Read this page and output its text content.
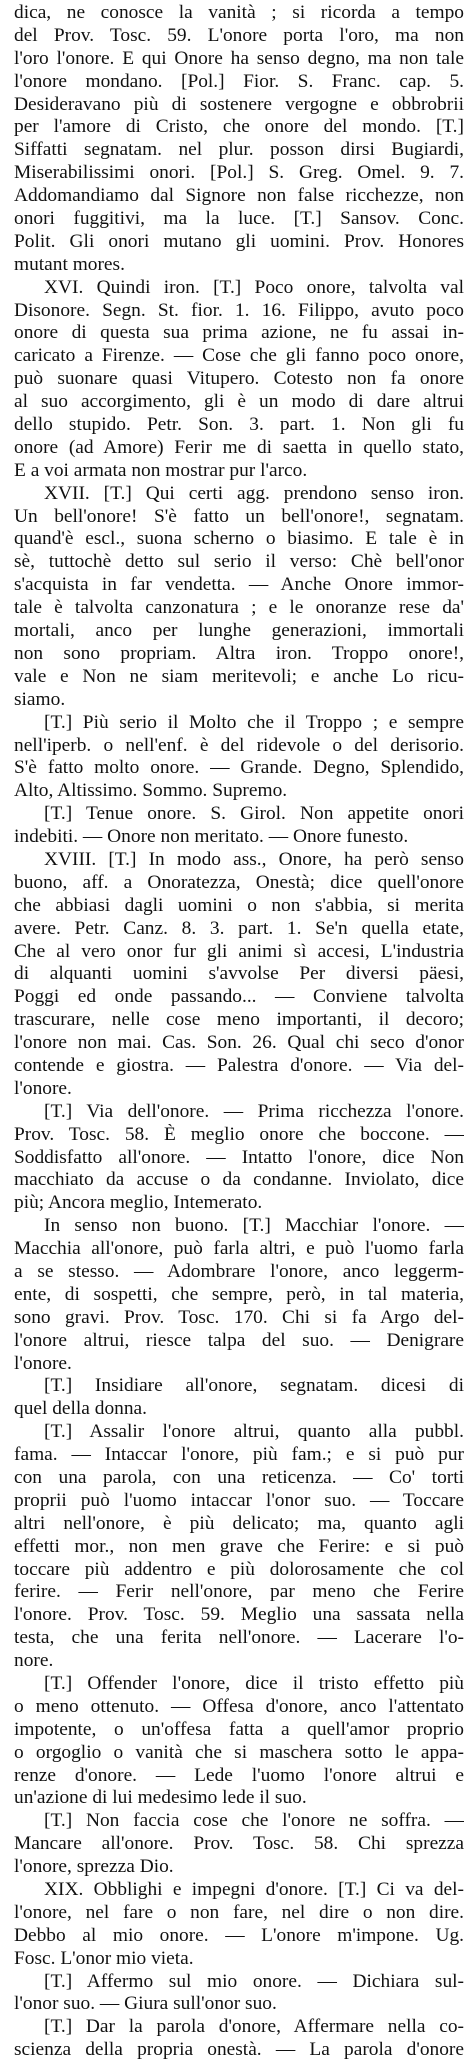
dica, ne conosce la vanità ; si ricorda a tempo
del Prov. Tosc. 59. L'onore porta l'oro, ma non
l'oro l'onore. E qui Onore ha senso degno, ma non tale
l'onore mondano. [Pol.] Fior. S. Franc. cap. 5.
Desideravano più di sostenere vergogne e obbrobrii
per l'amore di Cristo, che onore del mondo. [T.]
Siffatti segnatam. nel plur. posson dirsi Bugiardi,
Miserabilissimi onori. [Pol.] S. Greg. Omel. 9. 7.
Addomandiamo dal Signore non false ricchezze, non
onori fuggitivi, ma la luce. [T.] Sansov. Conc.
Polit. Gli onori mutano gli uomini. Prov. Honores
mutant mores.
XVI. Quindi iron. [T.] Poco onore, talvolta val
Disonore. Segn. St. fior. 1. 16. Filippo, avuto poco
onore di questa sua prima azione, ne fu assai in-
caricato a Firenze. — Cose che gli fanno poco onore,
può suonare quasi Vitupero. Cotesto non fa onore
al suo accorgimento, gli è un modo di dare altrui
dello stupido. Petr. Son. 3. part. 1. Non gli fu
onore (ad Amore) Ferir me di saetta in quello stato,
E a voi armata non mostrar pur l'arco.
XVII. [T.] Qui certi agg. prendono senso iron.
Un bell'onore! S'è fatto un bell'onore!, segnatam.
quand'è escl., suona scherno o biasimo. E tale è in
sè, tuttochè detto sul serio il verso: Chè bell'onor
s'acquista in far vendetta. — Anche Onore immor-
tale è talvolta canzonatura ; e le onoranze rese da'
mortali, anco per lunghe generazioni, immortali
non sono propriam. Altra iron. Troppo onore!,
vale e Non ne siam meritevoli; e anche Lo ricu-
siamo.
[T.] Più serio il Molto che il Troppo ; e sempre
nell'iperb. o nell'enf. è del ridevole o del derisorio.
S'è fatto molto onore. — Grande. Degno, Splendido,
Alto, Altissimo. Sommo. Supremo.
[T.] Tenue onore. S. Girol. Non appetite onori
indebiti. — Onore non meritato. — Onore funesto.
XVIII. [T.] In modo ass., Onore, ha però senso
buono, aff. a Onoratezza, Onestà; dice quell'onore
che abbiasi dagli uomini o non s'abbia, si merita
avere. Petr. Canz. 8. 3. part. 1. Se'n quella etate,
Che al vero onor fur gli animi sì accesi, L'industria
di alquanti uomini s'avvolse Per diversi päesi,
Poggi ed onde passando... — Conviene talvolta
trascurare, nelle cose meno importanti, il decoro;
l'onore non mai. Cas. Son. 26. Qual chi seco d'onor
contende e giostra. — Palestra d'onore. — Via del-
l'onore.
[T.] Via dell'onore. — Prima ricchezza l'onore.
Prov. Tosc. 58. È meglio onore che boccone. —
Soddisfatto all'onore. — Intatto l'onore, dice Non
macchiato da accuse o da condanne. Inviolato, dice
più; Ancora meglio, Intemerato.
In senso non buono. [T.] Macchiar l'onore. —
Macchia all'onore, può farla altri, e può l'uomo farla
a se stesso. — Adombrare l'onore, anco leggerm-
ente, di sospetti, che sempre, però, in tal materia,
sono gravi. Prov. Tosc. 170. Chi si fa Argo del-
l'onore altrui, riesce talpa del suo. — Denigrare
l'onore.
[T.] Insidiare all'onore, segnatam. dicesi di
quel della donna.
[T.] Assalir l'onore altrui, quanto alla pubbl.
fama. — Intaccar l'onore, più fam.; e si può pur
con una parola, con una reticenza. — Co' torti
proprii può l'uomo intaccar l'onor suo. — Toccare
altri nell'onore, è più delicato; ma, quanto agli
effetti mor., non men grave che Ferire: e si può
toccare più addentro e più dolorosamente che col
ferire. — Ferir nell'onore, par meno che Ferire
l'onore. Prov. Tosc. 59. Meglio una sassata nella
testa, che una ferita nell'onore. — Lacerare l'o-
nore.
[T.] Offender l'onore, dice il tristo effetto più
o meno ottenuto. — Offesa d'onore, anco l'attentato
impotente, o un'offesa fatta a quell'amor proprio
o orgoglio o vanità che si maschera sotto le appa-
renze d'onore. — Lede l'uomo l'onore altrui e
un'azione di lui medesimo lede il suo.
[T.] Non faccia cose che l'onore ne soffra. —
Mancare all'onore. Prov. Tosc. 58. Chi sprezza
l'onore, sprezza Dio.
XIX. Obblighi e impegni d'onore. [T.] Ci va del-
l'onore, nel fare o non fare, nel dire o non dire.
Debbo al mio onore. — L'onore m'impone. Ug.
Fosc. L'onor mio vieta.
[T.] Affermo sul mio onore. — Dichiara sul-
l'onor suo. — Giura sull'onor suo.
[T.] Dar la parola d'onore, Affermare nella co-
scienza della propria onestà. — La parola d'onore
